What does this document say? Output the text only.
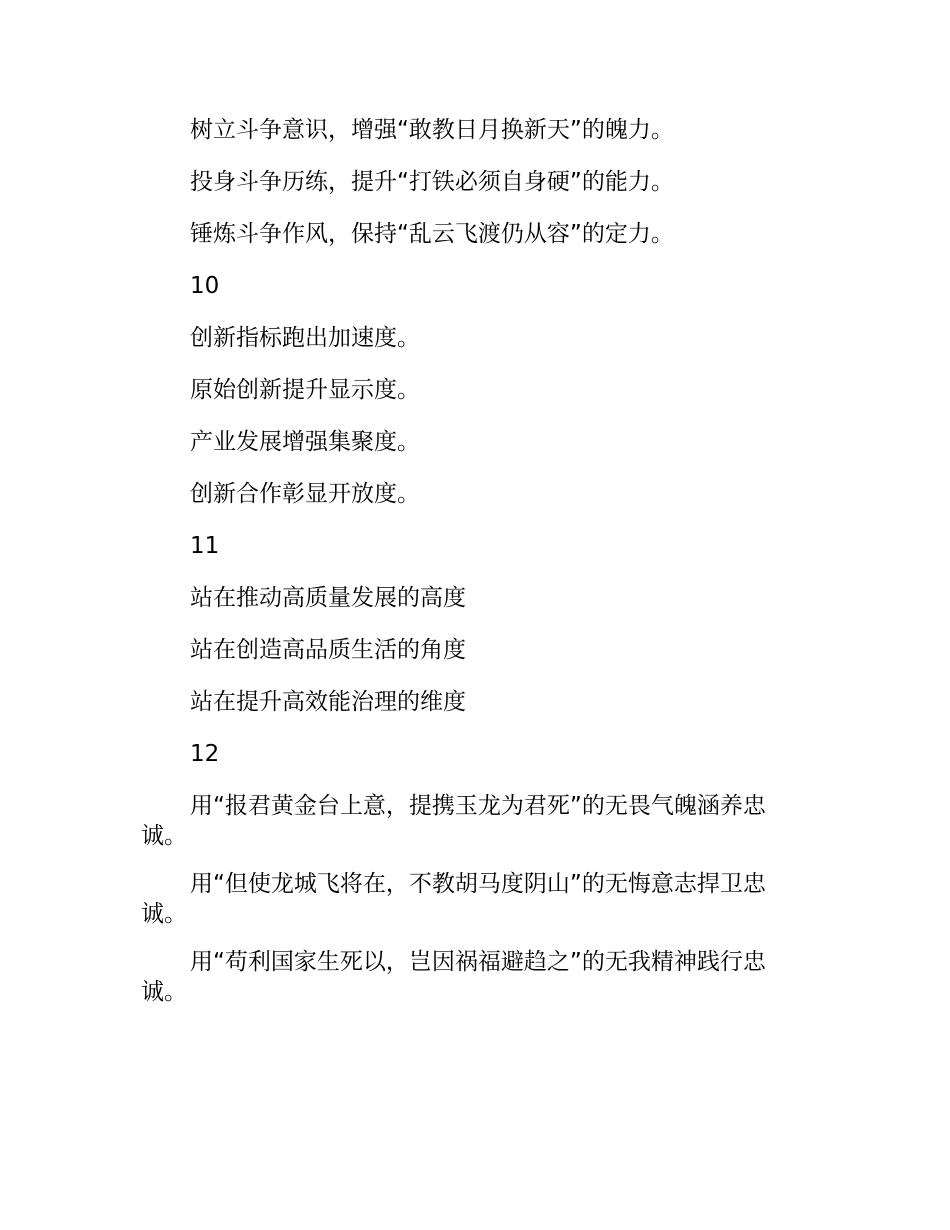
树立斗争意识，增强“敢教日月换新天”的魄力。

投身斗争历练，提升“打铁必须自身硬”的能力。

锤炼斗争作风，保持“乱云飞渡仍从容”的定力。

10

创新指标跑出加速度。

原始创新提升显示度。

产业发展增强集聚度。

创新合作彰显开放度。

11

站在推动高质量发展的高度

站在创造高品质生活的角度

站在提升高效能治理的维度

12

用“报君黄金台上意，提携玉龙为君死”的无畏气魄涵养忠诚。

用“但使龙城飞将在，不教胡马度阴山”的无悔意志捍卫忠诚。

用“苟利国家生死以，岂因祸福避趋之”的无我精神践行忠诚。
